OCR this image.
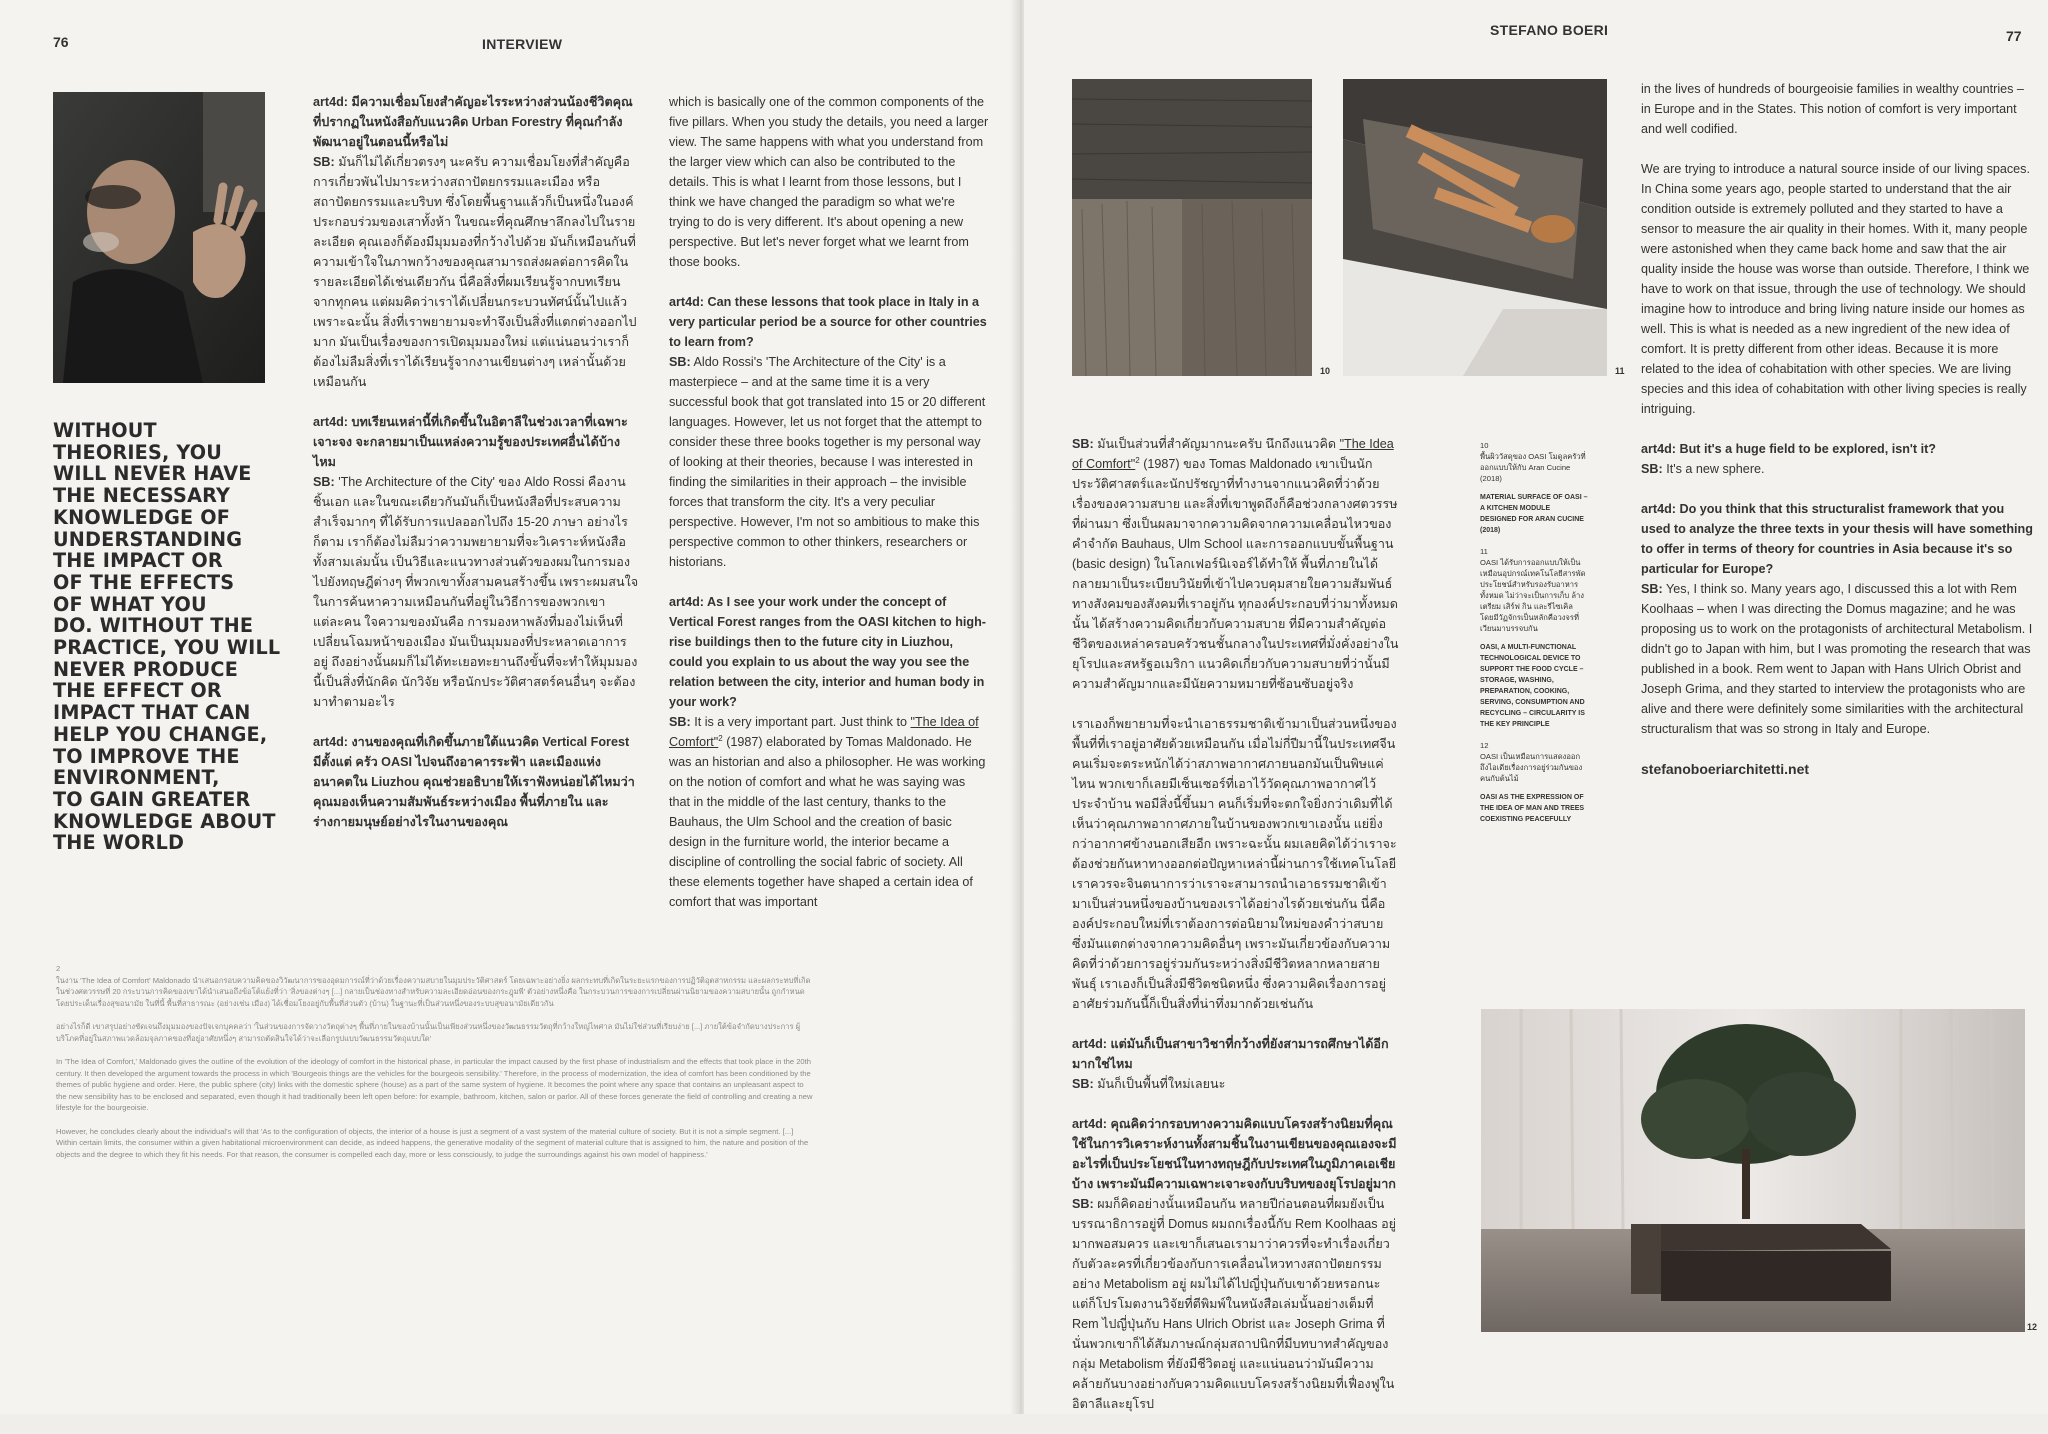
76	INTERVIEW
WITHOUT
THEORIES, YOU
WILL NEVER HAVE
THE NECESSARY
KNOWLEDGE OF
UNDERSTANDING
THE IMPACT OR
OF THE EFFECTS
OF WHAT YOU
DO. WITHOUT THE
PRACTICE, YOU WILL
NEVER PRODUCE
THE EFFECT OR
IMPACT THAT CAN
HELP YOU CHANGE,
TO IMPROVE THE
ENVIRONMENT,
TO GAIN GREATER
KNOWLEDGE ABOUT
THE WORLD

art4d: มีความเชื่อมโยงสำคัญอะไรระหว่างส่วนน้องชีวิตคุณที่ปรากฏในหนังสือกับแนวคิด Urban Forestry ที่คุณกำลังพัฒนาอยู่ในตอนนี้หรือไม่
SB: มันก็ไม่ได้เกี่ยวตรงๆ นะครับ ความเชื่อมโยงที่สำคัญคือการเกี่ยวพันไปมาระหว่างสถาปัตยกรรมและเมือง หรือสถาปัตยกรรมและบริบท ซึ่งโดยพื้นฐานแล้วก็เป็นหนึ่งในองค์ประกอบร่วมของเสาทั้งห้า ในขณะที่คุณศึกษาลึกลงไปในรายละเอียด คุณเองก็ต้องมีมุมมองที่กว้างไปด้วย มันก็เหมือนกันที่ความเข้าใจในภาพกว้างของคุณสามารถส่งผลต่อการคิดในรายละเอียดได้เช่นเดียวกัน นี่คือสิ่งที่ผมเรียนรู้จากบทเรียนจากทุกคน แต่ผมคิดว่าเราได้เปลี่ยนกระบวนทัศน์นั้นไปแล้ว เพราะฉะนั้น สิ่งที่เราพยายามจะทำจึงเป็นสิ่งที่แตกต่างออกไปมาก มันเป็นเรื่องของการเปิดมุมมองใหม่ แต่แน่นอนว่าเราก็ต้องไม่ลืมสิ่งที่เราได้เรียนรู้จากงานเขียนต่างๆ เหล่านั้นด้วยเหมือนกัน

art4d: บทเรียนเหล่านี้ที่เกิดขึ้นในอิตาลีในช่วงเวลาที่เฉพาะเจาะจง จะกลายมาเป็นแหล่งความรู้ของประเทศอื่นได้บ้างไหม
SB: 'The Architecture of the City' ของ Aldo Rossi คืองานชิ้นเอก และในขณะเดียวกันมันก็เป็นหนังสือที่ประสบความสำเร็จมากๆ ที่ได้รับการแปลออกไปถึง 15-20 ภาษา อย่างไรก็ตาม เราก็ต้องไม่ลืมว่าความพยายามที่จะวิเคราะห์หนังสือทั้งสามเล่มนั้น เป็นวิธีและแนวทางส่วนตัวของผมในการมองไปยังทฤษฎีต่างๆ ที่พวกเขาทั้งสามคนสร้างขึ้น เพราะผมสนใจในการค้นหาความเหมือนกันที่อยู่ในวิธีการของพวกเขา แต่ละคน ใจความของมันคือ การมองหาพลังที่มองไม่เห็นที่เปลี่ยนโฉมหน้าของเมือง มันเป็นมุมมองที่ประหลาดเอาการอยู่ ถึงอย่างนั้นผมก็ไม่ได้ทะเยอทะยานถึงขั้นที่จะทำให้มุมมองนี้เป็นสิ่งที่นักคิด นักวิจัย หรือนักประวัติศาสตร์คนอื่นๆ จะต้องมาทำตามอะไร

art4d: งานของคุณที่เกิดขึ้นภายใต้แนวคิด Vertical Forest มีตั้งแต่ ครัว OASI ไปจนถึงอาคารระฟ้า และเมืองแห่งอนาคตใน Liuzhou คุณช่วยอธิบายให้เราฟังหน่อยได้ไหมว่าคุณมองเห็นความสัมพันธ์ระหว่างเมือง พื้นที่ภายใน และร่างกายมนุษย์อย่างไรในงานของคุณ

which is basically one of the common components of the five pillars. When you study the details, you need a larger view. The same happens with what you understand from the larger view which can also be contributed to the details. This is what I learnt from those lessons, but I think we have changed the paradigm so what we're trying to do is very different. It's about opening a new perspective. But let's never forget what we learnt from those books.

art4d: Can these lessons that took place in Italy in a very particular period be a source for other countries to learn from?
SB: Aldo Rossi's 'The Architecture of the City' is a masterpiece – and at the same time it is a very successful book that got translated into 15 or 20 different languages. However, let us not forget that the attempt to consider these three books together is my personal way of looking at their theories, because I was interested in finding the similarities in their approach – the invisible forces that transform the city. It's a very peculiar perspective. However, I'm not so ambitious to make this perspective common to other thinkers, researchers or historians.

art4d: As I see your work under the concept of Vertical Forest ranges from the OASI kitchen to high-rise buildings then to the future city in Liuzhou, could you explain to us about the way you see the relation between the city, interior and human body in your work?
SB: It is a very important part. Just think to "The Idea of Comfort"$^2$ (1987) elaborated by Tomas Maldonado. He was an historian and also a philosopher. He was working on the notion of comfort and what he was saying was that in the middle of the last century, thanks to the Bauhaus, the Ulm School and the creation of basic design in the furniture world, the interior became a discipline of controlling the social fabric of society. All these elements together have shaped a certain idea of comfort that was important

2

ในงาน 'The Idea of Comfort' Maldonado นำเสนอกรอบความคิดของวิวัฒนาการของอุดมการณ์ที่ว่าด้วยเรื่องความสบายในมุมประวัติศาสตร์ โดยเฉพาะอย่างยิ่ง ผลกระทบที่เกิดในระยะแรกของการปฏิวัติอุตสาหกรรม และผลกระทบที่เกิดในช่วงศตวรรษที่ 20 กระบวนการคิดของเขาได้นำเสนอถึงข้อโต้แย้งที่ว่า 'สิ่งของต่างๆ [...] กลายเป็นช่องทางสำหรับความละเอียดอ่อนของกระฎุมพี' ตัวอย่างหนึ่งคือ ในกระบวนการของการเปลี่ยนผ่านนิยามของความสบายนั้น ถูกกำหนดโดยประเด็นเรื่องสุขอนามัย ในที่นี้ พื้นที่สาธารณะ (อย่างเช่น เมือง) ได้เชื่อมโยงอยู่กับพื้นที่ส่วนตัว (บ้าน) ในฐานะที่เป็นส่วนหนึ่งของระบบสุขอนามัยเดียวกัน

อย่างไรก็ดี เขาสรุปอย่างชัดเจนถึงมุมมองของปัจเจกบุคคลว่า 'ในส่วนของการจัดวางวัตถุต่างๆ พื้นที่ภายในของบ้านนั้นเป็นเพียงส่วนหนึ่งของวัฒนธรรมวัตถุที่กว้างใหญ่ไพศาล มันไม่ใช่ส่วนที่เรียบง่าย [...] ภายใต้ข้อจำกัดบางประการ ผู้บริโภคที่อยู่ในสภาพแวดล้อมจุลภาคของที่อยู่อาศัยหนึ่งๆ สามารถตัดสินใจได้ว่าจะเลือกรูปแบบวัฒนธรรมวัตถุแบบใด'

In 'The Idea of Comfort,' Maldonado gives the outline of the evolution of the ideology of comfort in the historical phase, in particular the impact caused by the first phase of industrialism and the effects that took place in the 20th century. It then developed the argument towards the process in which 'Bourgeois things are the vehicles for the bourgeois sensibility.' Therefore, in the process of modernization, the idea of comfort has been conditioned by the themes of public hygiene and order. Here, the public sphere (city) links with the domestic sphere (house) as a part of the same system of hygiene. It becomes the point where any space that contains an unpleasant aspect to the new sensibility has to be enclosed and separated, even though it had traditionally been left open before: for example, bathroom, kitchen, salon or parlor. All of these forces generate the field of controlling and creating a new lifestyle for the bourgeoisie.

However, he concludes clearly about the individual's will that 'As to the configuration of objects, the interior of a house is just a segment of a vast system of the material culture of society. But it is not a simple segment. [...] Within certain limits, the consumer within a given habitational microenvironment can decide, as indeed happens, the generative modality of the segment of material culture that is assigned to him, the nature and position of the objects and the degree to which they fit his needs. For that reason, the consumer is compelled each day, more or less consciously, to judge the surroundings against his own model of happiness.'

STEFANO BOERI	77
10	11

SB: มันเป็นส่วนที่สำคัญมากนะครับ นึกถึงแนวคิด "The Idea of Comfort"$^2$ (1987) ของ Tomas Maldonado เขาเป็นนักประวัติศาสตร์และนักปรัชญาที่ทำงานจากแนวคิดที่ว่าด้วยเรื่องของความสบาย และสิ่งที่เขาพูดถึงก็คือช่วงกลางศตวรรษที่ผ่านมา ซึ่งเป็นผลมาจากความคิดจากความเคลื่อนไหวของคำจำกัด Bauhaus, Ulm School และการออกแบบขั้นพื้นฐาน (basic design) ในโลกเฟอร์นิเจอร์ได้ทำให้ พื้นที่ภายในได้กลายมาเป็นระเบียบวินัยที่เข้าไปควบคุมสายใยความสัมพันธ์ทางสังคมของสังคมที่เราอยู่กัน ทุกองค์ประกอบที่ว่ามาทั้งหมดนั้น ได้สร้างความคิดเกี่ยวกับความสบาย ที่มีความสำคัญต่อชีวิตของเหล่าครอบครัวชนชั้นกลางในประเทศที่มั่งคั่งอย่างในยุโรปและสหรัฐอเมริกา แนวคิดเกี่ยวกับความสบายที่ว่านั้นมีความสำคัญมากและมีนัยความหมายที่ซ้อนซับอยู่จริง

เราเองก็พยายามที่จะนำเอาธรรมชาติเข้ามาเป็นส่วนหนึ่งของพื้นที่ที่เราอยู่อาศัยด้วยเหมือนกัน เมื่อไม่กี่ปีมานี้ในประเทศจีน คนเริ่มจะตระหนักได้ว่าสภาพอากาศภายนอกมันเป็นพิษแค่ไหน พวกเขาก็เลยมีเซ็นเซอร์ที่เอาไว้วัดคุณภาพอากาศไว้ประจำบ้าน พอมีสิ่งนี้ขึ้นมา คนก็เริ่มที่จะตกใจยิ่งกว่าเดิมที่ได้เห็นว่าคุณภาพอากาศภายในบ้านของพวกเขาเองนั้น แย่ยิ่งกว่าอากาศข้างนอกเสียอีก เพราะฉะนั้น ผมเลยคิดได้ว่าเราจะต้องช่วยกันหาทางออกต่อปัญหาเหล่านี้ผ่านการใช้เทคโนโลยี เราควรจะจินตนาการว่าเราจะสามารถนำเอาธรรมชาติเข้ามาเป็นส่วนหนึ่งของบ้านของเราได้อย่างไรด้วยเช่นกัน นี่คือองค์ประกอบใหม่ที่เราต้องการต่อนิยามใหม่ของคำว่าสบาย ซึ่งมันแตกต่างจากความคิดอื่นๆ เพราะมันเกี่ยวข้องกับความคิดที่ว่าด้วยการอยู่ร่วมกันระหว่างสิ่งมีชีวิตหลากหลายสายพันธุ์ เราเองก็เป็นสิ่งมีชีวิตชนิดหนึ่ง ซึ่งความคิดเรื่องการอยู่อาศัยร่วมกันนี้ก็เป็นสิ่งที่น่าทึ่งมากด้วยเช่นกัน

art4d: แต่มันก็เป็นสาขาวิชาที่กว้างที่ยังสามารถศึกษาได้อีกมากใช่ไหม
SB: มันก็เป็นพื้นที่ใหม่เลยนะ

art4d: คุณคิดว่ากรอบทางความคิดแบบโครงสร้างนิยมที่คุณใช้ในการวิเคราะห์งานทั้งสามชิ้นในงานเขียนของคุณเองจะมีอะไรที่เป็นประโยชน์ในทางทฤษฎีกับประเทศในภูมิภาคเอเชียบ้าง เพราะมันมีความเฉพาะเจาะจงกับบริบทของยุโรปอยู่มาก
SB: ผมก็คิดอย่างนั้นเหมือนกัน หลายปีก่อนตอนที่ผมยังเป็นบรรณาธิการอยู่ที่ Domus ผมถกเรื่องนี้กับ Rem Koolhaas อยู่มากพอสมควร และเขาก็เสนอเรามาว่าควรที่จะทำเรื่องเกี่ยวกับตัวละครที่เกี่ยวข้องกับการเคลื่อนไหวทางสถาปัตยกรรมอย่าง Metabolism อยู่ ผมไม่ได้ไปญี่ปุ่นกับเขาด้วยหรอกนะ แต่ก็โปรโมตงานวิจัยที่ตีพิมพ์ในหนังสือเล่มนั้นอย่างเต็มที่ Rem ไปญี่ปุ่นกับ Hans Ulrich Obrist และ Joseph Grima ที่นั่นพวกเขาก็ได้สัมภาษณ์กลุ่มสถาปนิกที่มีบทบาทสำคัญของกลุ่ม Metabolism ที่ยังมีชีวิตอยู่ และแน่นอนว่ามันมีความคล้ายกันบางอย่างกับความคิดแบบโครงสร้างนิยมที่เฟื่องฟูในอิตาลีและยุโรป

10
พื้นผิววัสดุของ OASI โมดูลครัวที่ออกแบบให้กับ Aran Cucine (2018)
MATERIAL SURFACE OF OASI – A KITCHEN MODULE DESIGNED FOR ARAN CUCINE (2018)
11
OASI ได้รับการออกแบบให้เป็นเหมือนอุปกรณ์เทคโนโลยีสารพัดประโยชน์สำหรับรองรับอาหารทั้งหมด ไม่ว่าจะเป็นการเก็บ ล้าง เตรียม เสิร์ฟ กิน และรีไซเคิล โดยมีวัฏจักรเป็นหลักคือวงจรที่เวียนมาบรรจบกัน
OASI, A MULTI-FUNCTIONAL TECHNOLOGICAL DEVICE TO SUPPORT THE FOOD CYCLE – STORAGE, WASHING, PREPARATION, COOKING, SERVING, CONSUMPTION AND RECYCLING – CIRCULARITY IS THE KEY PRINCIPLE
12
OASI เป็นเหมือนการแสดงออกถึงไอเดียเรื่องการอยู่ร่วมกันของคนกับต้นไม้
OASI AS THE EXPRESSION OF THE IDEA OF MAN AND TREES COEXISTING PEACEFULLY

in the lives of hundreds of bourgeoisie families in wealthy countries – in Europe and in the States. This notion of comfort is very important and well codified.

We are trying to introduce a natural source inside of our living spaces. In China some years ago, people started to understand that the air condition outside is extremely polluted and they started to have a sensor to measure the air quality in their homes. With it, many people were astonished when they came back home and saw that the air quality inside the house was worse than outside. Therefore, I think we have to work on that issue, through the use of technology. We should imagine how to introduce and bring living nature inside our homes as well. This is what is needed as a new ingredient of the new idea of comfort. It is pretty different from other ideas. Because it is more related to the idea of cohabitation with other species. We are living species and this idea of cohabitation with other living species is really intriguing.

art4d: But it's a huge field to be explored, isn't it?
SB: It's a new sphere.

art4d: Do you think that this structuralist framework that you used to analyze the three texts in your thesis will have something to offer in terms of theory for countries in Asia because it's so particular for Europe?
SB: Yes, I think so. Many years ago, I discussed this a lot with Rem Koolhaas – when I was directing the Domus magazine; and he was proposing us to work on the protagonists of architectural Metabolism. I didn't go to Japan with him, but I was promoting the research that was published in a book. Rem went to Japan with Hans Ulrich Obrist and Joseph Grima, and they started to interview the protagonists who are alive and there were definitely some similarities with the architectural structuralism that was so strong in Italy and Europe.

stefanoboeriarchitetti.net

12
